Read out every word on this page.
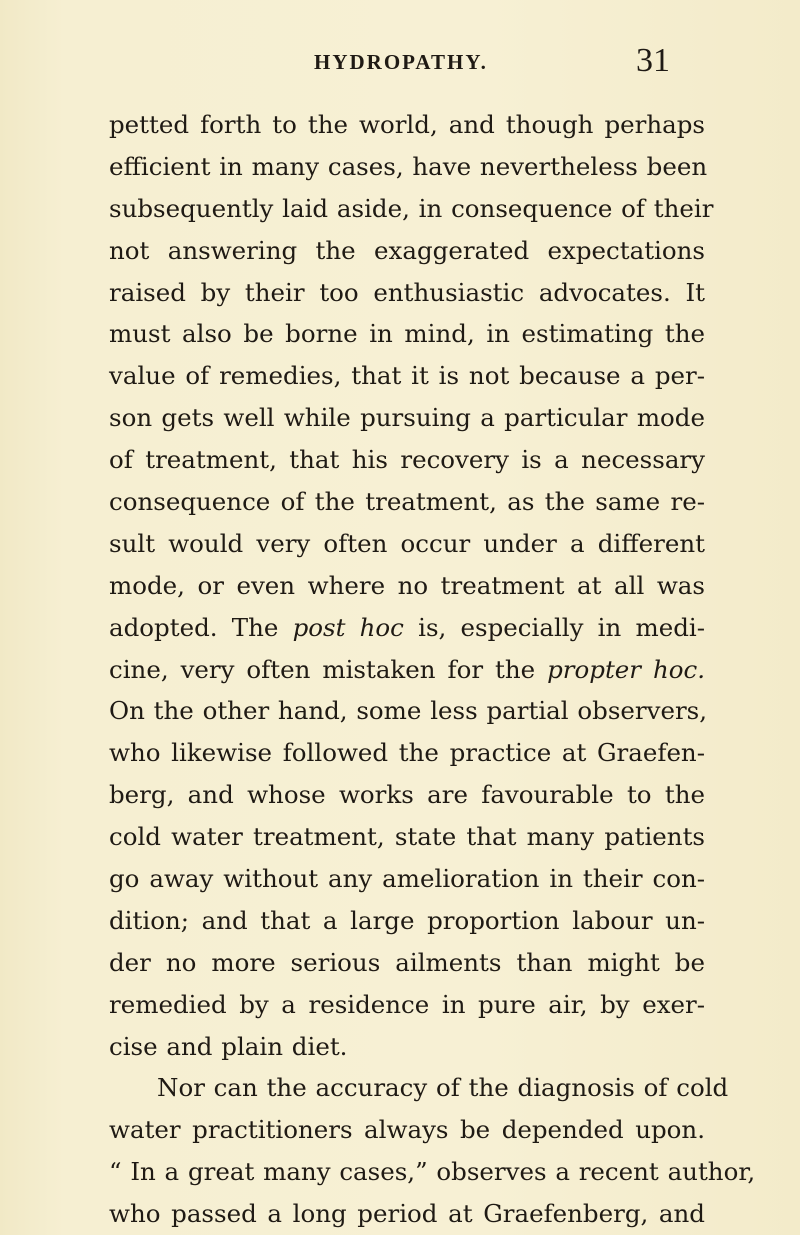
HYDROPATHY.	31
petted forth to the world, and though perhaps
efficient in many cases, have nevertheless been
subsequently laid aside, in consequence of their
not answering the exaggerated expectations
raised by their too enthusiastic advocates. It
must also be borne in mind, in estimating the
value of remedies, that it is not because a per-
son gets well while pursuing a particular mode
of treatment, that his recovery is a necessary
consequence of the treatment, as the same re-
sult would very often occur under a different
mode, or even where no treatment at all was
adopted. The post hoc is, especially in medi-
cine, very often mistaken for the propter hoc.
On the other hand, some less partial observers,
who likewise followed the practice at Graefen-
berg, and whose works are favourable to the
cold water treatment, state that many patients
go away without any amelioration in their con-
dition; and that a large proportion labour un-
der no more serious ailments than might be
remedied by a residence in pure air, by exer-
cise and plain diet.
Nor can the accuracy of the diagnosis of cold
water practitioners always be depended upon.
“ In a great many cases,” observes a recent author,
who passed a long period at Graefenberg, and
